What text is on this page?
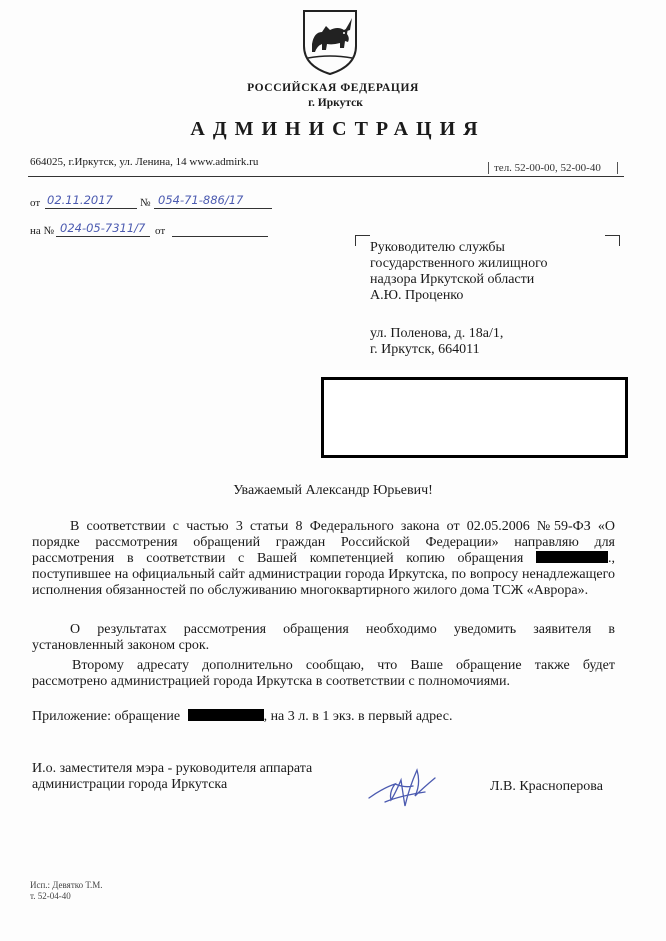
РОССИЙСКАЯ ФЕДЕРАЦИЯ
г. Иркутск
АДМИНИСТРАЦИЯ
664025, г.Иркутск, ул. Ленина, 14 www.admirk.ru	тел. 52-00-00, 52-00-40
от 02.11.2017 № 054-71-886/17
на № 024-05-7311/7 от
Руководителю службы
государственного жилищного
надзора Иркутской области
А.Ю. Проценко
ул. Поленова, д. 18а/1,
г. Иркутск, 664011
Уважаемый Александр Юрьевич!
В соответствии с частью 3 статьи 8 Федерального закона от 02.05.2006 №59-ФЗ «О порядке рассмотрения обращений граждан Российской Федерации» направляю для рассмотрения в соответствии с Вашей компетенцией копию обращения	., поступившее на официальный сайт администрации города Иркутска, по вопросу ненадлежащего исполнения обязанностей по обслуживанию многоквартирного жилого дома ТСЖ «Аврора».
О результатах рассмотрения обращения необходимо уведомить заявителя в установленный законом срок.
Второму адресату дополнительно сообщаю, что Ваше обращение также будет рассмотрено администрацией города Иркутска в соответствии с полномочиями.
Приложение: обращение	, на 3 л. в 1 экз. в первый адрес.
И.о. заместителя мэра - руководителя аппарата
администрации города Иркутска	Л.В. Красноперова
Исп.: Девятко Т.М.
т. 52-04-40
